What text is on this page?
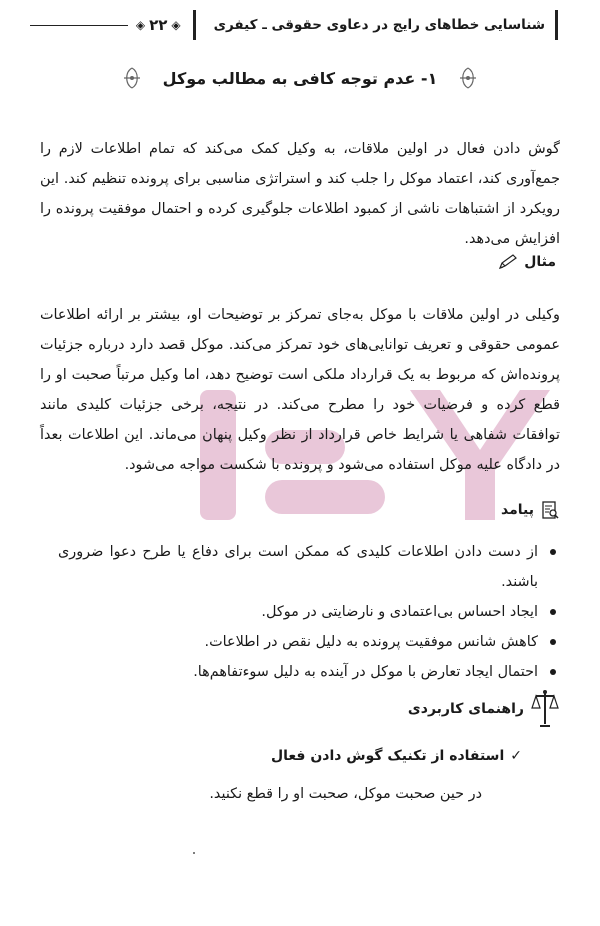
شناسایی خطاهای رایج در دعاوی حقوقی ـ کیفری
◈
۲۲
◈
۱- عدم توجه کافی به مطالب موکل

گوش دادن فعال در اولین ملاقات، به وکیل کمک می‌کند که تمام اطلاعات لازم را جمع‌آوری کند، اعتماد موکل را جلب کند و استراتژی مناسبی برای پرونده تنظیم کند. این رویکرد از اشتباهات ناشی از کمبود اطلاعات جلوگیری کرده و احتمال موفقیت پرونده را افزایش می‌دهد.

مثال

وکیلی در اولین ملاقات با موکل به‌جای تمرکز بر توضیحات او، بیشتر بر ارائه اطلاعات عمومی حقوقی و تعریف توانایی‌های خود تمرکز می‌کند. موکل قصد دارد درباره جزئیات پرونده‌اش که مربوط به یک قرارداد ملکی است توضیح دهد، اما وکیل مرتباً صحبت او را قطع کرده و فرضیات خود را مطرح می‌کند. در نتیجه، برخی جزئیات کلیدی مانند توافقات شفاهی یا شرایط خاص قرارداد از نظر وکیل پنهان می‌ماند. این اطلاعات بعداً در دادگاه علیه موکل استفاده می‌شود و پرونده با شکست مواجه می‌شود.

پیامد
از دست دادن اطلاعات کلیدی که ممکن است برای دفاع یا طرح دعوا ضروری باشند.
ایجاد احساس بی‌اعتمادی و نارضایتی در موکل.
کاهش شانس موفقیت پرونده به دلیل نقص در اطلاعات.
احتمال ایجاد تعارض با موکل در آینده به دلیل سوءتفاهم‌ها.
راهنمای کاربردی
✓
استفاده از تکنیک گوش دادن فعال
در حین صحبت موکل، صحبت او را قطع نکنید.
